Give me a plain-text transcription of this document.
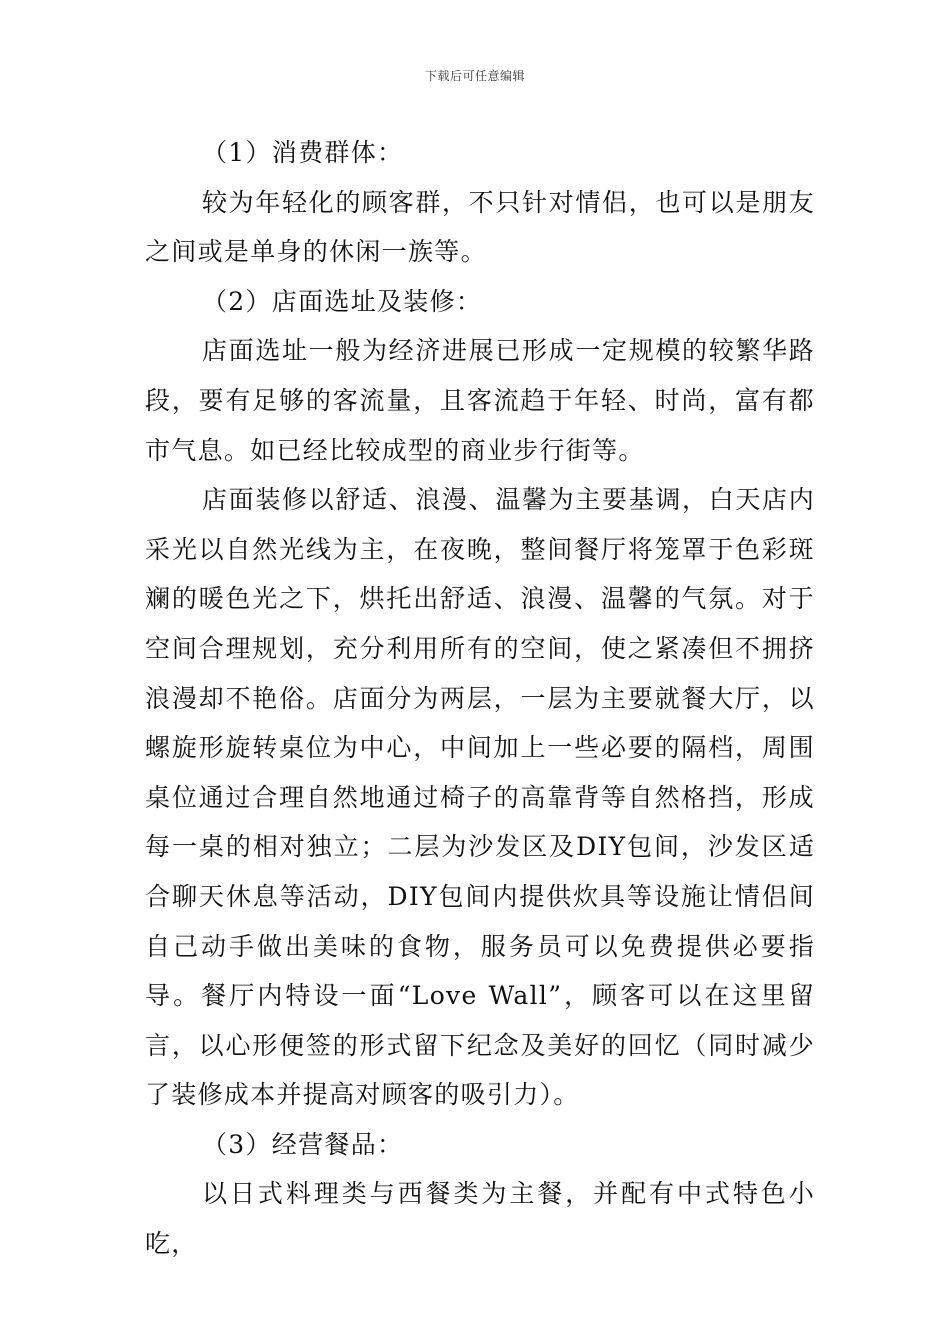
下载后可任意编辑

（1）消费群体：

较为年轻化的顾客群，不只针对情侣，也可以是朋友之间或是单身的休闲一族等。

（2）店面选址及装修：

店面选址一般为经济进展已形成一定规模的较繁华路段，要有足够的客流量，且客流趋于年轻、时尚，富有都市气息。如已经比较成型的商业步行街等。

店面装修以舒适、浪漫、温馨为主要基调，白天店内采光以自然光线为主，在夜晚，整间餐厅将笼罩于色彩斑斓的暖色光之下，烘托出舒适、浪漫、温馨的气氛。对于空间合理规划，充分利用所有的空间，使之紧凑但不拥挤浪漫却不艳俗。店面分为两层，一层为主要就餐大厅，以螺旋形旋转桌位为中心，中间加上一些必要的隔档，周围桌位通过合理自然地通过椅子的高靠背等自然格挡，形成每一桌的相对独立；二层为沙发区及DIY包间，沙发区适合聊天休息等活动，DIY包间内提供炊具等设施让情侣间自己动手做出美味的食物，服务员可以免费提供必要指导。餐厅内特设一面“Love Wall”，顾客可以在这里留言，以心形便签的形式留下纪念及美好的回忆（同时减少了装修成本并提高对顾客的吸引力）。

（3）经营餐品：

以日式料理类与西餐类为主餐，并配有中式特色小吃，
